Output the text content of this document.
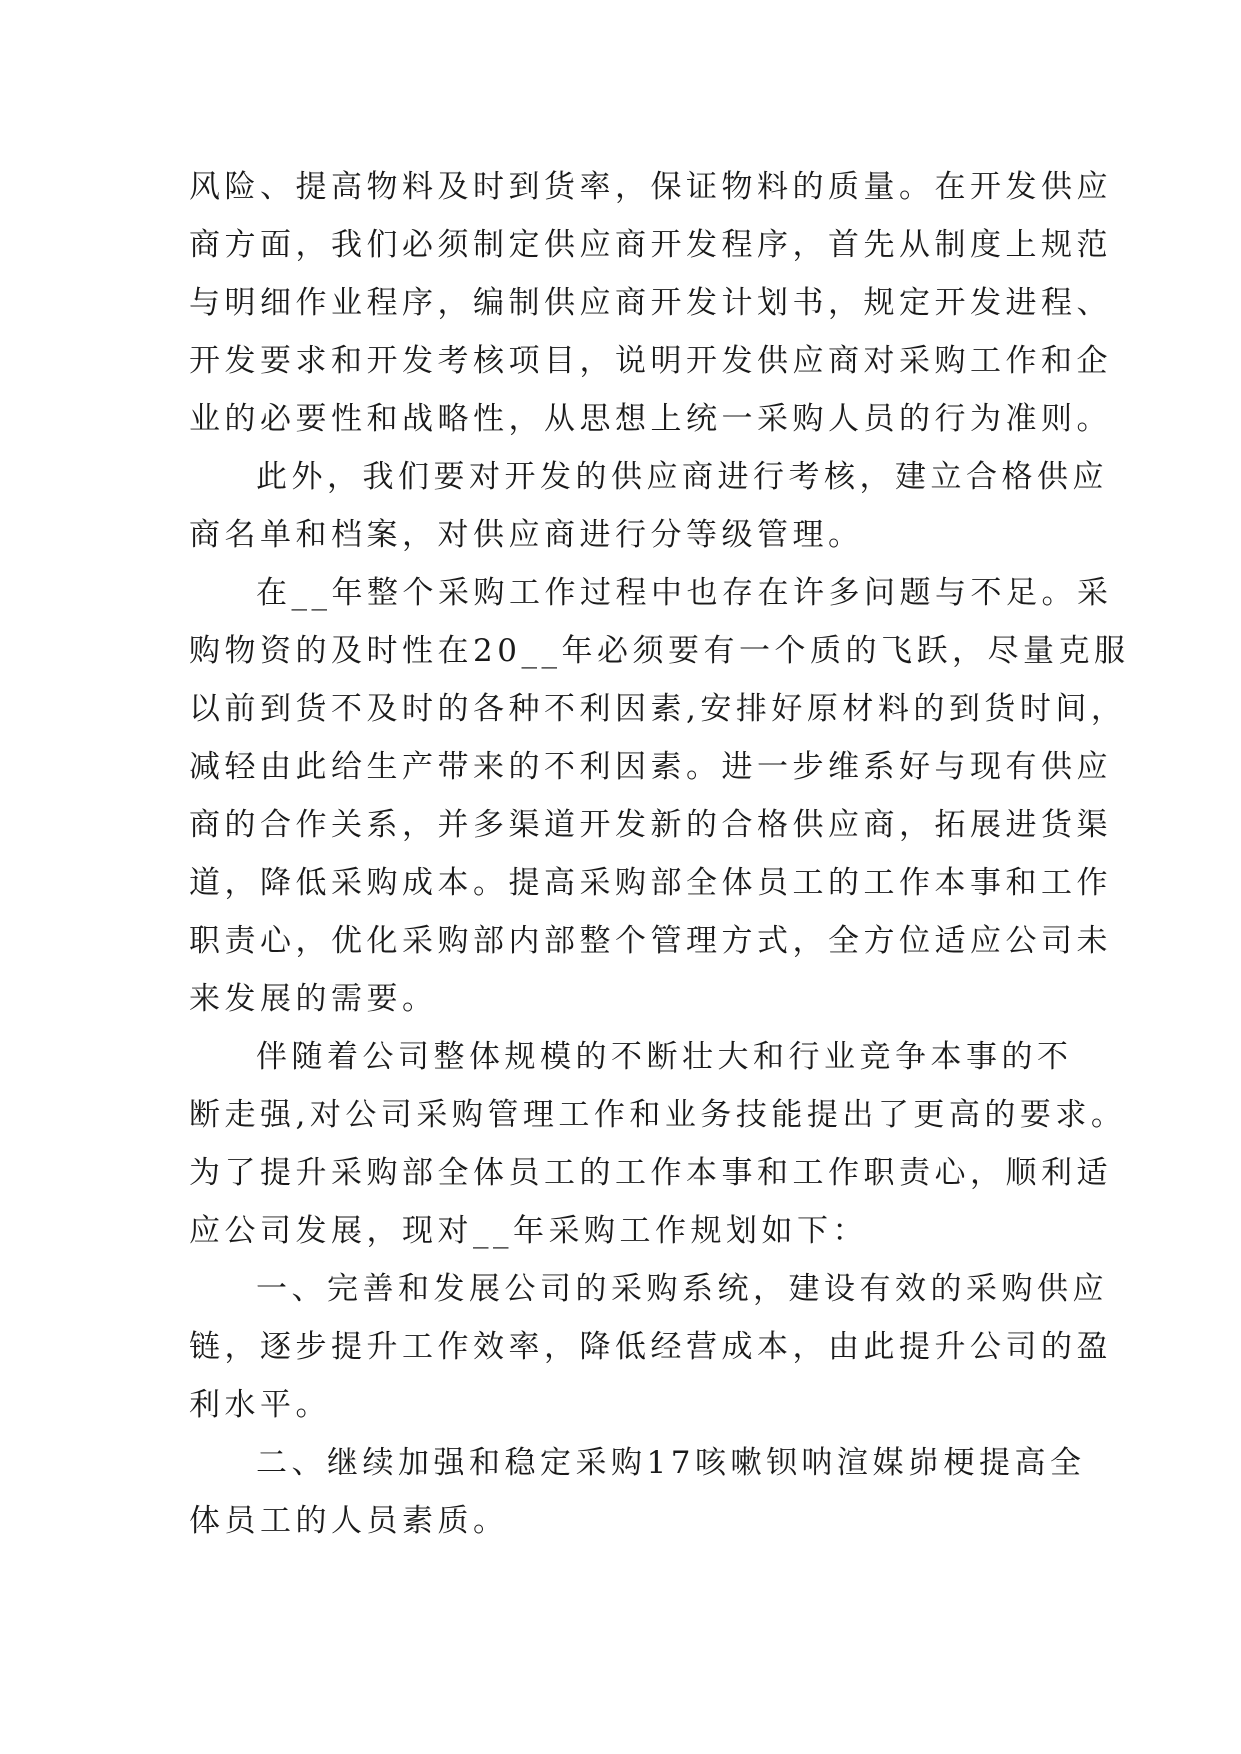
风险、提高物料及时到货率，保证物料的质量。在开发供应

商方面，我们必须制定供应商开发程序，首先从制度上规范

与明细作业程序，编制供应商开发计划书，规定开发进程、

开发要求和开发考核项目，说明开发供应商对采购工作和企

业的必要性和战略性，从思想上统一采购人员的行为准则。

此外，我们要对开发的供应商进行考核，建立合格供应

商名单和档案，对供应商进行分等级管理。

在__年整个采购工作过程中也存在许多问题与不足。采

购物资的及时性在20__年必须要有一个质的飞跃，尽量克服

以前到货不及时的各种不利因素,安排好原材料的到货时间，

减轻由此给生产带来的不利因素。进一步维系好与现有供应

商的合作关系，并多渠道开发新的合格供应商，拓展进货渠

道，降低采购成本。提高采购部全体员工的工作本事和工作

职责心，优化采购部内部整个管理方式，全方位适应公司未

来发展的需要。

伴随着公司整体规模的不断壮大和行业竞争本事的不

断走强,对公司采购管理工作和业务技能提出了更高的要求。

为了提升采购部全体员工的工作本事和工作职责心，顺利适

应公司发展，现对__年采购工作规划如下：

一、完善和发展公司的采购系统，建设有效的采购供应

链，逐步提升工作效率，降低经营成本，由此提升公司的盈

利水平。

二、继续加强和稳定采购17咳嗽钡呐渲媒峁梗提高全

体员工的人员素质。
